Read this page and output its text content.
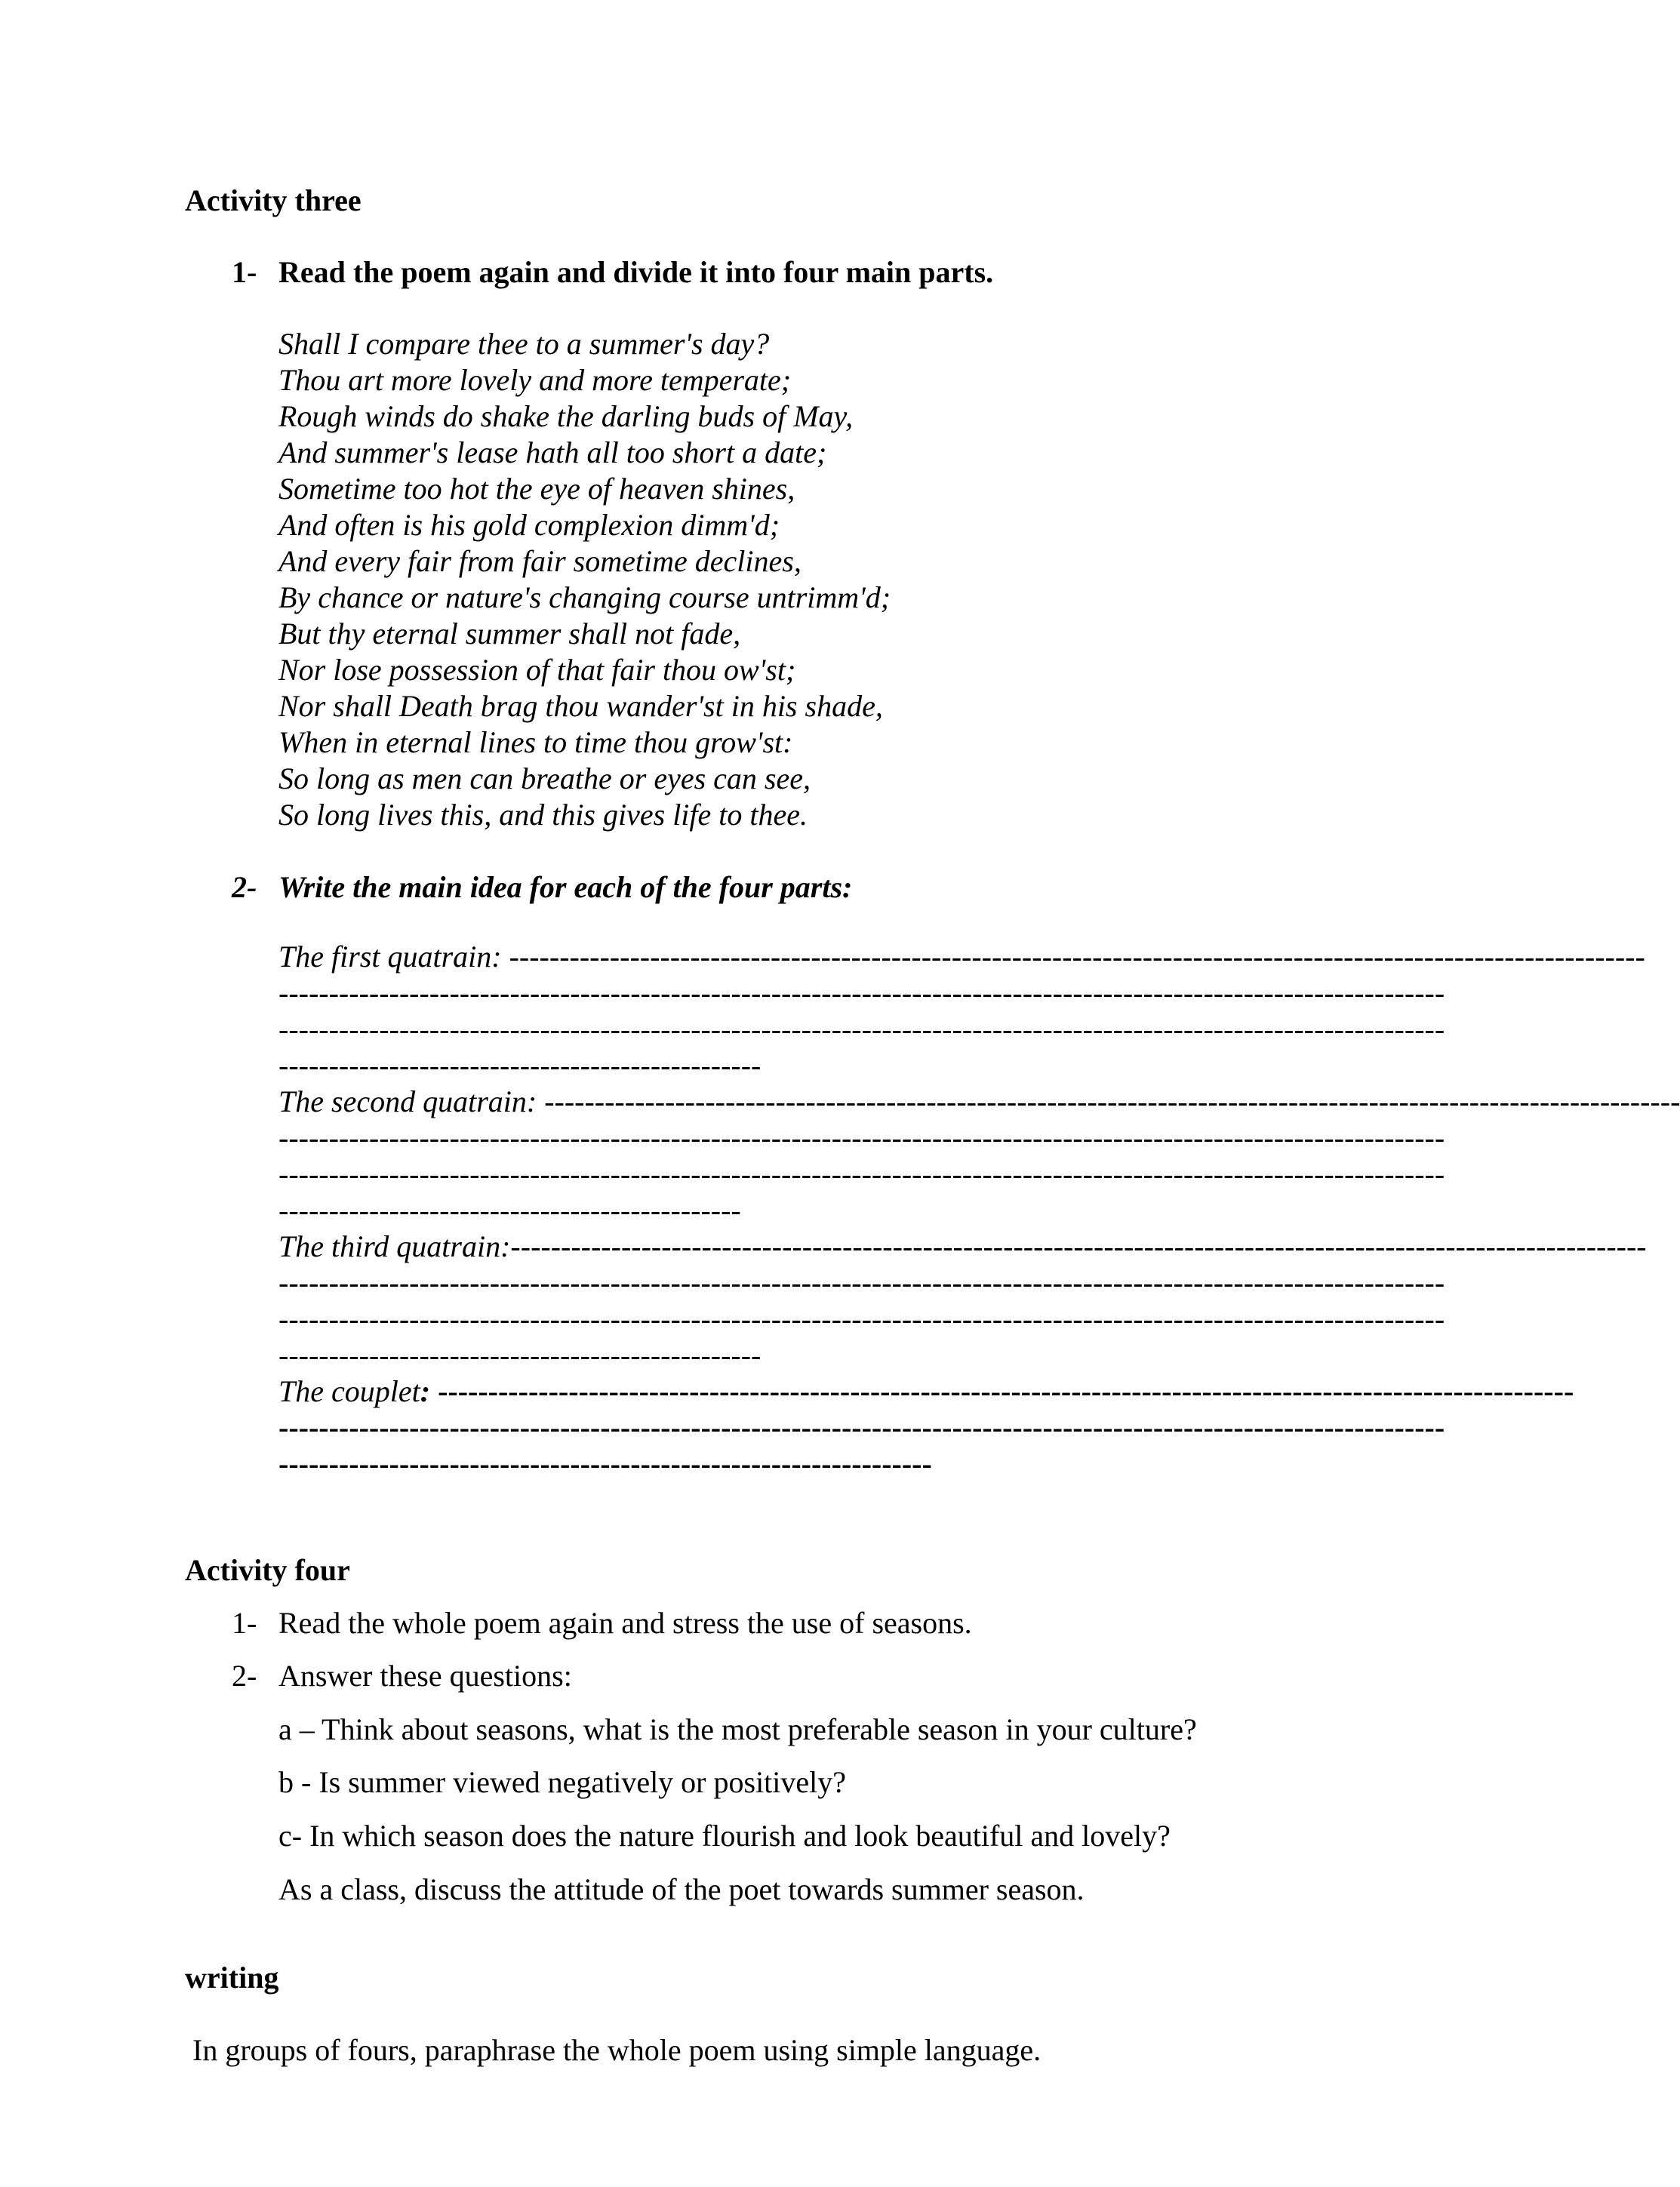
Activity three
1- Read the poem again and divide it into four main parts.
Shall I compare thee to a summer's day?
Thou art more lovely and more temperate;
Rough winds do shake the darling buds of May,
And summer's lease hath all too short a date;
Sometime too hot the eye of heaven shines,
And often is his gold complexion dimm'd;
And every fair from fair sometime declines,
By chance or nature's changing course untrimm'd;
But thy eternal summer shall not fade,
Nor lose possession of that fair thou ow'st;
Nor shall Death brag thou wander'st in his shade,
When in eternal lines to time thou grow'st:
So long as men can breathe or eyes can see,
So long lives this, and this gives life to thee.
2- Write the main idea for each of the four parts:
The first quatrain: -----------------------------------------------------------------------------------------------------------------
--------------------------------------------------------------------------------------------------------------------
--------------------------------------------------------------------------------------------------------------------
------------------------------------------------
The second quatrain: -----------------------------------------------------------------------------------------------------------------
--------------------------------------------------------------------------------------------------------------------
--------------------------------------------------------------------------------------------------------------------
----------------------------------------------
The third quatrain:-----------------------------------------------------------------------------------------------------------------
--------------------------------------------------------------------------------------------------------------------
--------------------------------------------------------------------------------------------------------------------
------------------------------------------------
The couplet: -----------------------------------------------------------------------------------------------------------------
--------------------------------------------------------------------------------------------------------------------
-----------------------------------------------------------------
Activity four
1- Read the whole poem again and stress the use of seasons.
2- Answer these questions:
a – Think about seasons, what is the most preferable season in your culture?
b - Is summer viewed negatively or positively?
c- In which season does the nature flourish and look beautiful and lovely?
As a class, discuss the attitude of the poet towards summer season.
writing
In groups of fours, paraphrase the whole poem using simple language.
